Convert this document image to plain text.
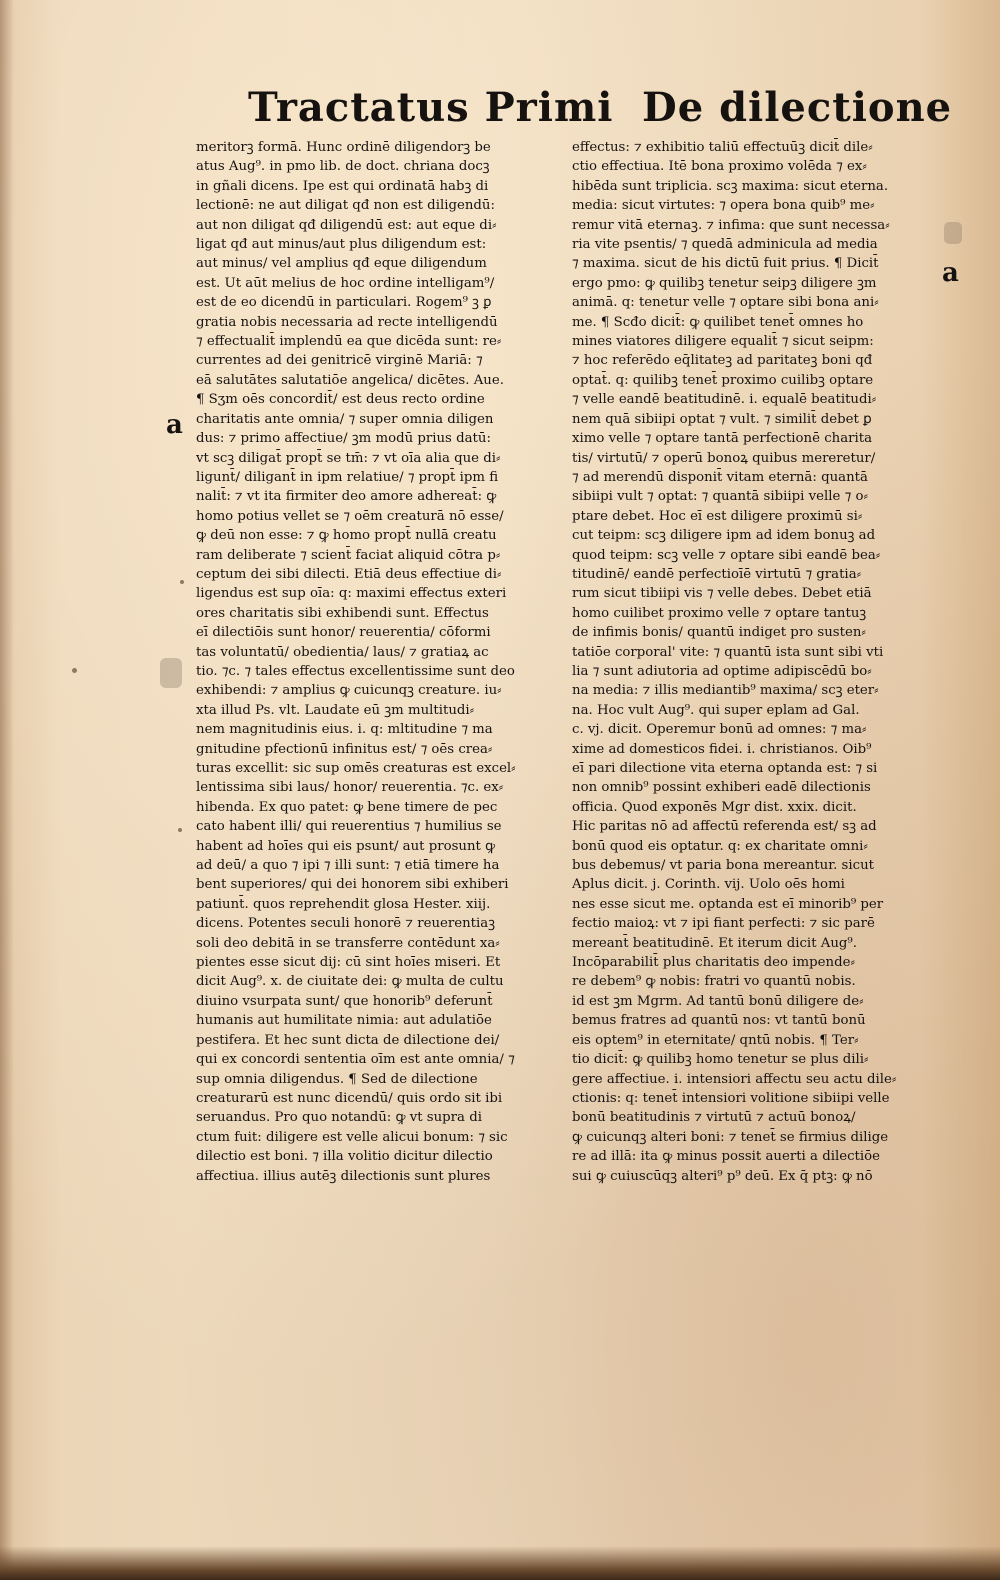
Tractatus Primi De dilectione
a
a

meritorꝫ formā. Hunc ordinē diligendorꝫ be

atus Aug⁹. in pmo lib. de doct. chriana docꝫ

in gñali dicens. Ipe est qui ordinatā habꝫ di

lectionē: ne aut diligat qđ non est diligendū:

aut non diligat qđ diligendū est: aut eque di⸗

ligat qđ aut minus/aut plus diligendum est:

aut minus/ vel amplius qđ eque diligendum

est. Ut aūt melius de hoc ordine intelligam⁹/

est de eo dicendū in particulari. Rogem⁹ ꝫ ꝑ

gratia nobis necessaria ad recte intelligendū

⁊ effectualit̄ implendū ea que dicēda sunt: re⸗

currentes ad dei genitricē virginē Mariā: ⁊

eā salutātes salutatiōe angelica/ dicētes. Aue.

¶ Sʒm oēs concordit̄/ est deus recto ordine

charitatis ante omnia/ ⁊ super omnia diligen

dus: ⁊ primo affectiue/ ꝫm modū prius datū:

vt scꝫ diligat̄ propt̄ se tm̄: ⁊ vt oīa alia que di⸗

ligunt̄/ diligant̄ in ipm relatiue/ ⁊ propt̄ ipm fi

nalit̄: ⁊ vt ita firmiter deo amore adhereat̄: ꝙ

homo potius vellet se ⁊ oēm creaturā nō esse/

ꝙ deū non esse: ⁊ ꝙ homo propt̄ nullā creatu

ram deliberate ⁊ scient̄ faciat aliquid cōtra p⸗

ceptum dei sibi dilecti. Etiā deus effectiue di⸗

ligendus est sup oīa: q: maximi effectus exteri

ores charitatis sibi exhibendi sunt. Effectus

eī dilectiōis sunt honor/ reuerentia/ cōformi

tas voluntatū/ obedientia/ laus/ ⁊ gratiaꝝ ac

tio. ⁊c. ⁊ tales effectus excellentissime sunt deo

exhibendi: ⁊ amplius ꝙ cuicunqꝫ creature. iu⸗

xta illud Ps. vlt. Laudate eū ꝫm multitudi⸗

nem magnitudinis eius. i. q: mltitudine ⁊ ma

gnitudine pfectionū infinitus est/ ⁊ oēs crea⸗

turas excellit: sic sup omēs creaturas est excel⸗

lentissima sibi laus/ honor/ reuerentia. ⁊c. ex⸗

hibenda. Ex quo patet: ꝙ bene timere de pec

cato habent illi/ qui reuerentius ⁊ humilius se

habent ad hoīes qui eis psunt/ aut prosunt ꝙ

ad deū/ a quo ⁊ ipi ⁊ illi sunt: ⁊ etiā timere ha

bent superiores/ qui dei honorem sibi exhiberi

patiunt̄. quos reprehendit glosa Hester. xiij.

dicens. Potentes seculi honorē ⁊ reuerentiaꝫ

soli deo debitā in se transferre contēdunt xa⸗

pientes esse sicut dij: cū sint hoīes miseri. Et

dicit Aug⁹. x. de ciuitate dei: ꝙ multa de cultu

diuino vsurpata sunt/ que honorib⁹ deferunt̄

humanis aut humilitate nimia: aut adulatiōe

pestifera. Et hec sunt dicta de dilectione dei/

qui ex concordi sententia oīm est ante omnia/ ⁊

sup omnia diligendus. ¶ Sed de dilectione

creaturarū est nunc dicendū/ quis ordo sit ibi

seruandus. Pro quo notandū: ꝙ vt supra di

ctum fuit: diligere est velle alicui bonum: ⁊ sic

dilectio est boni. ⁊ illa volitio dicitur dilectio

affectiua. illius autēꝫ dilectionis sunt plures

effectus: ⁊ exhibitio taliū effectuūꝫ dicit̄ dile⸗

ctio effectiua. Itē bona proximo volēda ⁊ ex⸗

hibēda sunt triplicia. scꝫ maxima: sicut eterna.

media: sicut virtutes: ⁊ opera bona quib⁹ me⸗

remur vitā eternaꝫ. ⁊ infima: que sunt necessa⸗

ria vite psentis/ ⁊ quedā adminicula ad media

⁊ maxima. sicut de his dictū fuit prius. ¶ Dicit̄

ergo pmo: ꝙ quilibꝫ tenetur seipꝫ diligere ꝫm

animā. q: tenetur velle ⁊ optare sibi bona ani⸗

me. ¶ Scđo dicit̄: ꝙ quilibet tenet̄ omnes ho

mines viatores diligere equalit̄ ⁊ sicut seipm:

⁊ hoc referēdo eq̄litateꝫ ad paritateꝫ boni qđ

optat̄. q: quilibꝫ tenet̄ proximo cuilibꝫ optare

⁊ velle eandē beatitudinē. i. equalē beatitudi⸗

nem quā sibiipi optat ⁊ vult. ⁊ similit̄ debet ꝑ

ximo velle ⁊ optare tantā perfectionē charita

tis/ virtutū/ ⁊ operū bonoꝝ quibus mereretur/

⁊ ad merendū disponit̄ vitam eternā: quantā

sibiipi vult ⁊ optat: ⁊ quantā sibiipi velle ⁊ o⸗

ptare debet. Hoc eī est diligere proximū si⸗

cut teipm: scꝫ diligere ipm ad idem bonuꝫ ad

quod teipm: scꝫ velle ⁊ optare sibi eandē bea⸗

titudinē/ eandē perfectioīē virtutū ⁊ gratia⸗

rum sicut tibiipi vis ⁊ velle debes. Debet etiā

homo cuilibet proximo velle ⁊ optare tantuꝫ

de infimis bonis/ quantū indiget pro susten⸗

tatiōe corporal' vite: ⁊ quantū ista sunt sibi vti

lia ⁊ sunt adiutoria ad optime adipiscēdū bo⸗

na media: ⁊ illis mediantib⁹ maxima/ scꝫ eter⸗

na. Hoc vult Aug⁹. qui super eplam ad Gal.

c. vj. dicit. Operemur bonū ad omnes: ⁊ ma⸗

xime ad domesticos fidei. i. christianos. Oib⁹

eī pari dilectione vita eterna optanda est: ⁊ si

non omnib⁹ possint exhiberi eadē dilectionis

officia. Quod exponēs Mgr dist. xxix. dicit.

Hic paritas nō ad affectū referenda est/ sꝫ ad

bonū quod eis optatur. q: ex charitate omni⸗

bus debemus/ vt paria bona mereantur. sicut

Aplus dicit. j. Corinth. vij. Uolo oēs homi

nes esse sicut me. optanda est eī minorib⁹ per

fectio maioꝝ: vt ⁊ ipi fiant perfecti: ⁊ sic parē

mereant̄ beatitudinē. Et iterum dicit Aug⁹.

Incōparabilit̄ plus charitatis deo impende⸗

re debem⁹ ꝙ nobis: fratri vo quantū nobis.

id est ꝫm Mgrm. Ad tantū bonū diligere de⸗

bemus fratres ad quantū nos: vt tantū bonū

eis optem⁹ in eternitate/ qntū nobis. ¶ Ter⸗

tio dicit̄: ꝙ quilibꝫ homo tenetur se plus dili⸗

gere affectiue. i. intensiori affectu seu actu dile⸗

ctionis: q: tenet̄ intensiori volitione sibiipi velle

bonū beatitudinis ⁊ virtutū ⁊ actuū bonoꝝ/

ꝙ cuicunqꝫ alteri boni: ⁊ tenet̄ se firmius dilige

re ad illā: ita ꝙ minus possit auerti a dilectiōe

sui ꝙ cuiuscūqꝫ alteri⁹ p⁹ deū. Ex q̄ ptꝫ: ꝙ nō
